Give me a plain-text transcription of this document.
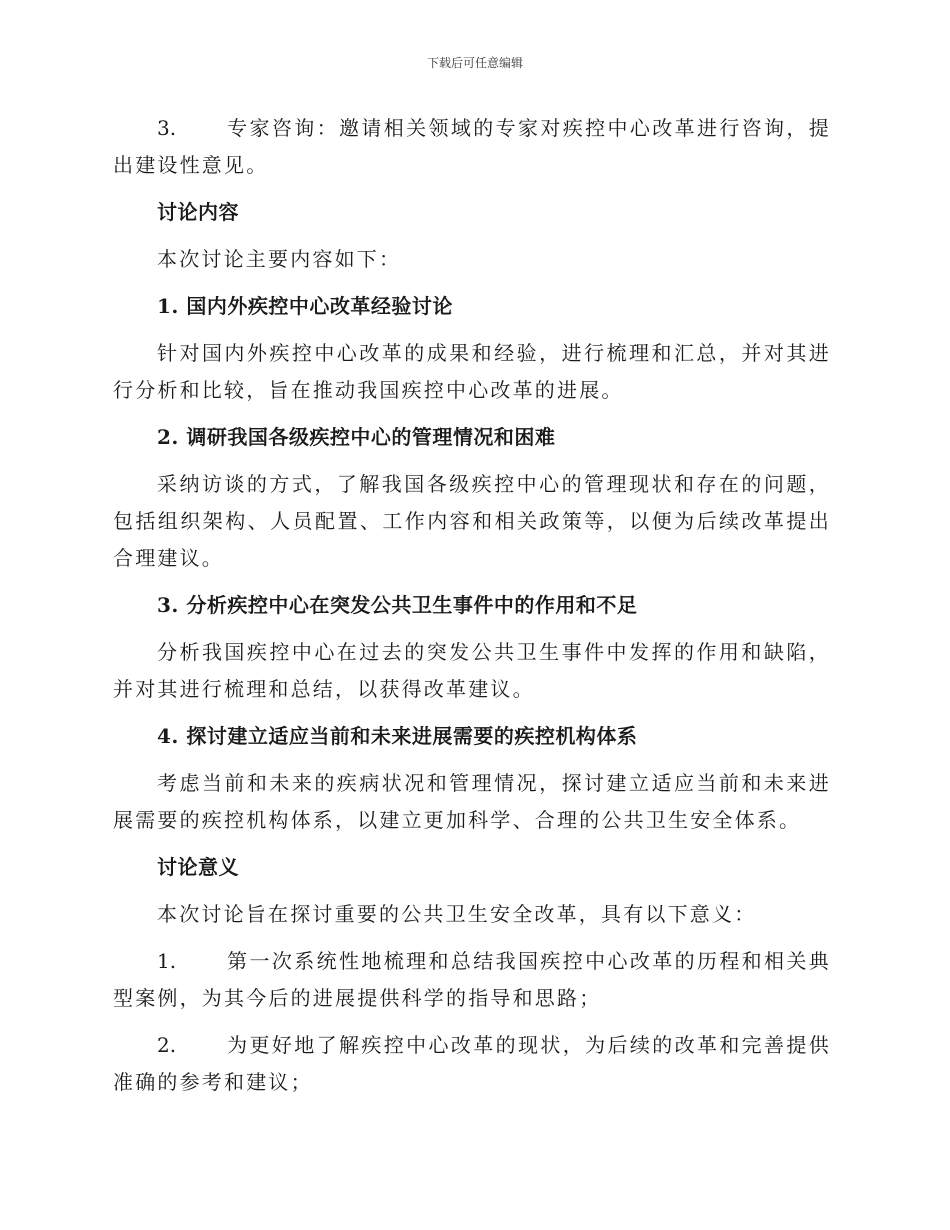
下载后可任意编辑

3.	专家咨询：邀请相关领域的专家对疾控中心改革进行咨询，提出建设性意见。

讨论内容

本次讨论主要内容如下：

1. 国内外疾控中心改革经验讨论

针对国内外疾控中心改革的成果和经验，进行梳理和汇总，并对其进行分析和比较，旨在推动我国疾控中心改革的进展。

2. 调研我国各级疾控中心的管理情况和困难

采纳访谈的方式，了解我国各级疾控中心的管理现状和存在的问题，包括组织架构、人员配置、工作内容和相关政策等，以便为后续改革提出合理建议。

3. 分析疾控中心在突发公共卫生事件中的作用和不足

分析我国疾控中心在过去的突发公共卫生事件中发挥的作用和缺陷，并对其进行梳理和总结，以获得改革建议。

4. 探讨建立适应当前和未来进展需要的疾控机构体系

考虑当前和未来的疾病状况和管理情况，探讨建立适应当前和未来进展需要的疾控机构体系，以建立更加科学、合理的公共卫生安全体系。

讨论意义

本次讨论旨在探讨重要的公共卫生安全改革，具有以下意义：

1.	第一次系统性地梳理和总结我国疾控中心改革的历程和相关典型案例，为其今后的进展提供科学的指导和思路；

2.	为更好地了解疾控中心改革的现状，为后续的改革和完善提供准确的参考和建议；
